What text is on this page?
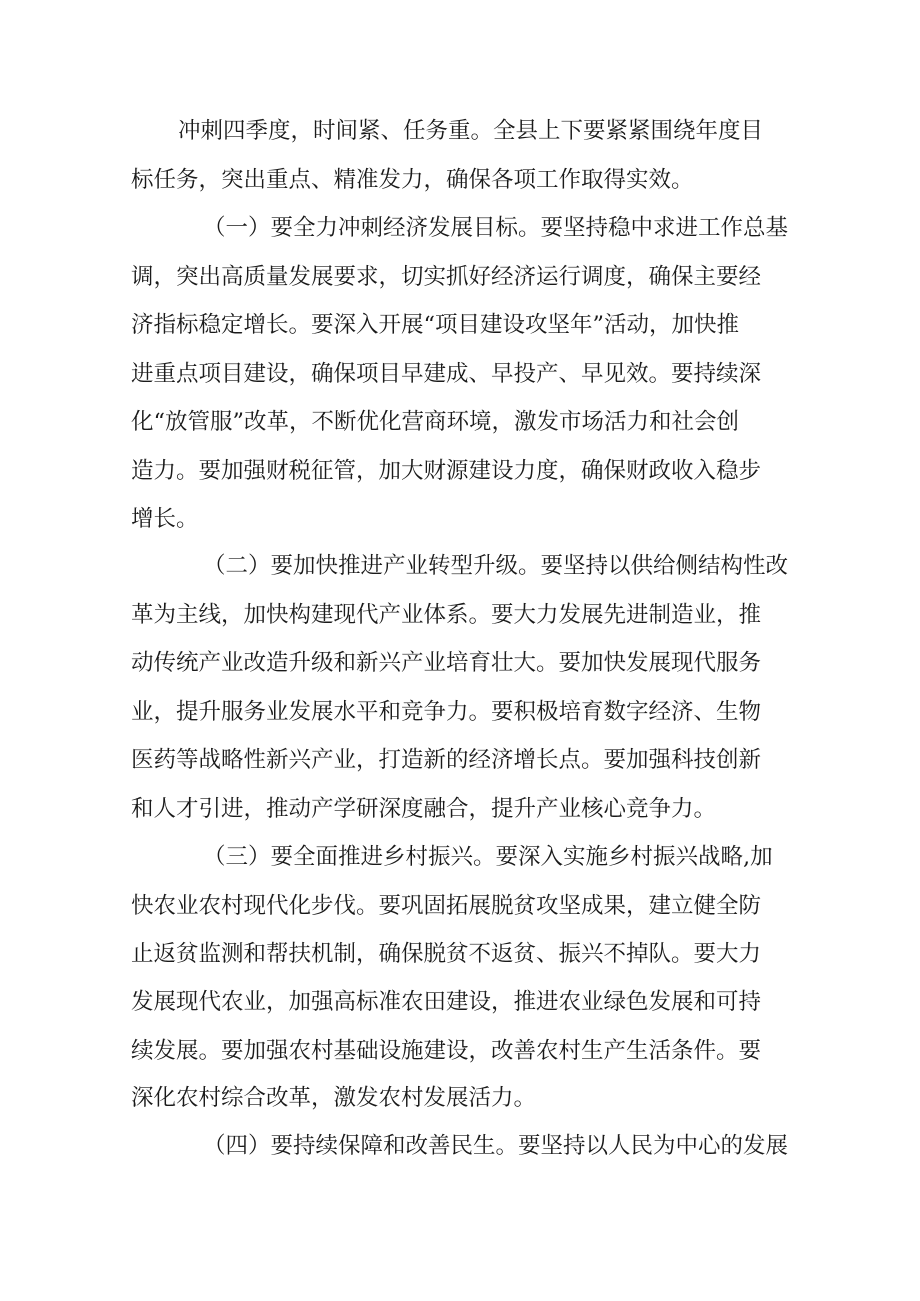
冲刺四季度，时间紧、任务重。全县上下要紧紧围绕年度目
标任务，突出重点、精准发力，确保各项工作取得实效。
（一）要全力冲刺经济发展目标。要坚持稳中求进工作总基
调，突出高质量发展要求，切实抓好经济运行调度，确保主要经
济指标稳定增长。要深入开展“项目建设攻坚年”活动，加快推
进重点项目建设，确保项目早建成、早投产、早见效。要持续深
化“放管服”改革，不断优化营商环境，激发市场活力和社会创
造力。要加强财税征管，加大财源建设力度，确保财政收入稳步
增长。
（二）要加快推进产业转型升级。要坚持以供给侧结构性改
革为主线，加快构建现代产业体系。要大力发展先进制造业，推
动传统产业改造升级和新兴产业培育壮大。要加快发展现代服务
业，提升服务业发展水平和竞争力。要积极培育数字经济、生物
医药等战略性新兴产业，打造新的经济增长点。要加强科技创新
和人才引进，推动产学研深度融合，提升产业核心竞争力。
（三）要全面推进乡村振兴。要深入实施乡村振兴战略,加
快农业农村现代化步伐。要巩固拓展脱贫攻坚成果，建立健全防
止返贫监测和帮扶机制，确保脱贫不返贫、振兴不掉队。要大力
发展现代农业，加强高标准农田建设，推进农业绿色发展和可持
续发展。要加强农村基础设施建设，改善农村生产生活条件。要
深化农村综合改革，激发农村发展活力。
（四）要持续保障和改善民生。要坚持以人民为中心的发展
